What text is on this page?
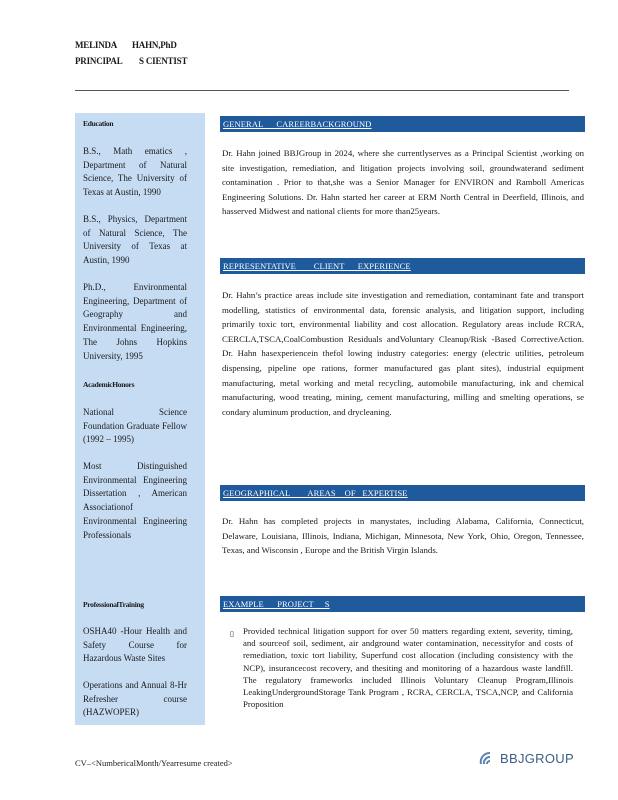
MELINDA HAHN,PhD
PRINCIPAL S CIENTIST
Education
B.S., Math ematics , Department of Natural Science, The University of Texas at Austin, 1990
B.S., Physics, Department of Natural Science, The University of Texas at Austin, 1990
Ph.D., Environmental Engineering, Department of Geography and Environmental Engineering, The Johns Hopkins University, 1995
AcademicHonors
National Science Foundation Graduate Fellow (1992 – 1995)
Most Distinguished Environmental Engineering Dissertation , American Associationof Environmental Engineering Professionals
ProfessionalTraining
OSHA40 -Hour Health and Safety Course for Hazardous Waste Sites
Operations and Annual 8-Hr Refresher course (HAZWOPER)
GENERAL      CAREERBACKGROUND
Dr. Hahn joined BBJGroup in 2024, where she currentlyserves as a Principal Scientist ,working on site investigation, remediation, and litigation projects involving soil, groundwaterand sediment contamination . Prior to that,she was a Senior Manager for ENVIRON and Ramboll Americas Engineering Solutions. Dr. Hahn started her career at ERM North Central in Deerfield, Illinois, and hasserved Midwest and national clients for more than25years.
REPRESENTATIVE        CLIENT      EXPERIENCE
Dr. Hahn’s practice areas include site investigation and remediation, contaminant fate and transport modelling, statistics of environmental data, forensic analysis, and litigation support, including primarily toxic tort, environmental liability and cost allocation. Regulatory areas include RCRA, CERCLA,TSCA,CoalCombustion Residuals andVoluntary Cleanup/Risk -Based CorrectiveAction. Dr. Hahn hasexperiencein thefol lowing industry categories: energy (electric utilities, petroleum dispensing, pipeline ope rations, former manufactured gas plant sites), industrial equipment manufacturing, metal working and metal recycling, automobile manufacturing, ink and chemical manufacturing, wood treating, mining, cement manufacturing, milling and smelting operations, se condary aluminum production, and drycleaning.
GEOGRAPHICAL        AREAS    OF   EXPERTISE
Dr. Hahn has completed projects in manystates, including Alabama, California, Connecticut, Delaware, Louisiana, Illinois, Indiana, Michigan, Minnesota, New York, Ohio, Oregon, Tennessee, Texas, and Wisconsin , Europe and the British Virgin Islands.
EXAMPLE      PROJECT     S
▯ Provided technical litigation support for over 50 matters regarding extent, severity, timing, and sourceof soil, sediment, air andground water contamination, necessityfor and costs of remediation, toxic tort liability, Superfund cost allocation (including consistency with the NCP), insurancecost recovery, and thesiting and monitoring of a hazardous waste landfill. The regulatory frameworks included Illinois Voluntary Cleanup Program,Illinois LeakingUndergroundStorage Tank Program , RCRA, CERCLA, TSCA,NCP, and California Proposition
CV–<NumbericalMonth/Yearresume created>	BBJGROUP
